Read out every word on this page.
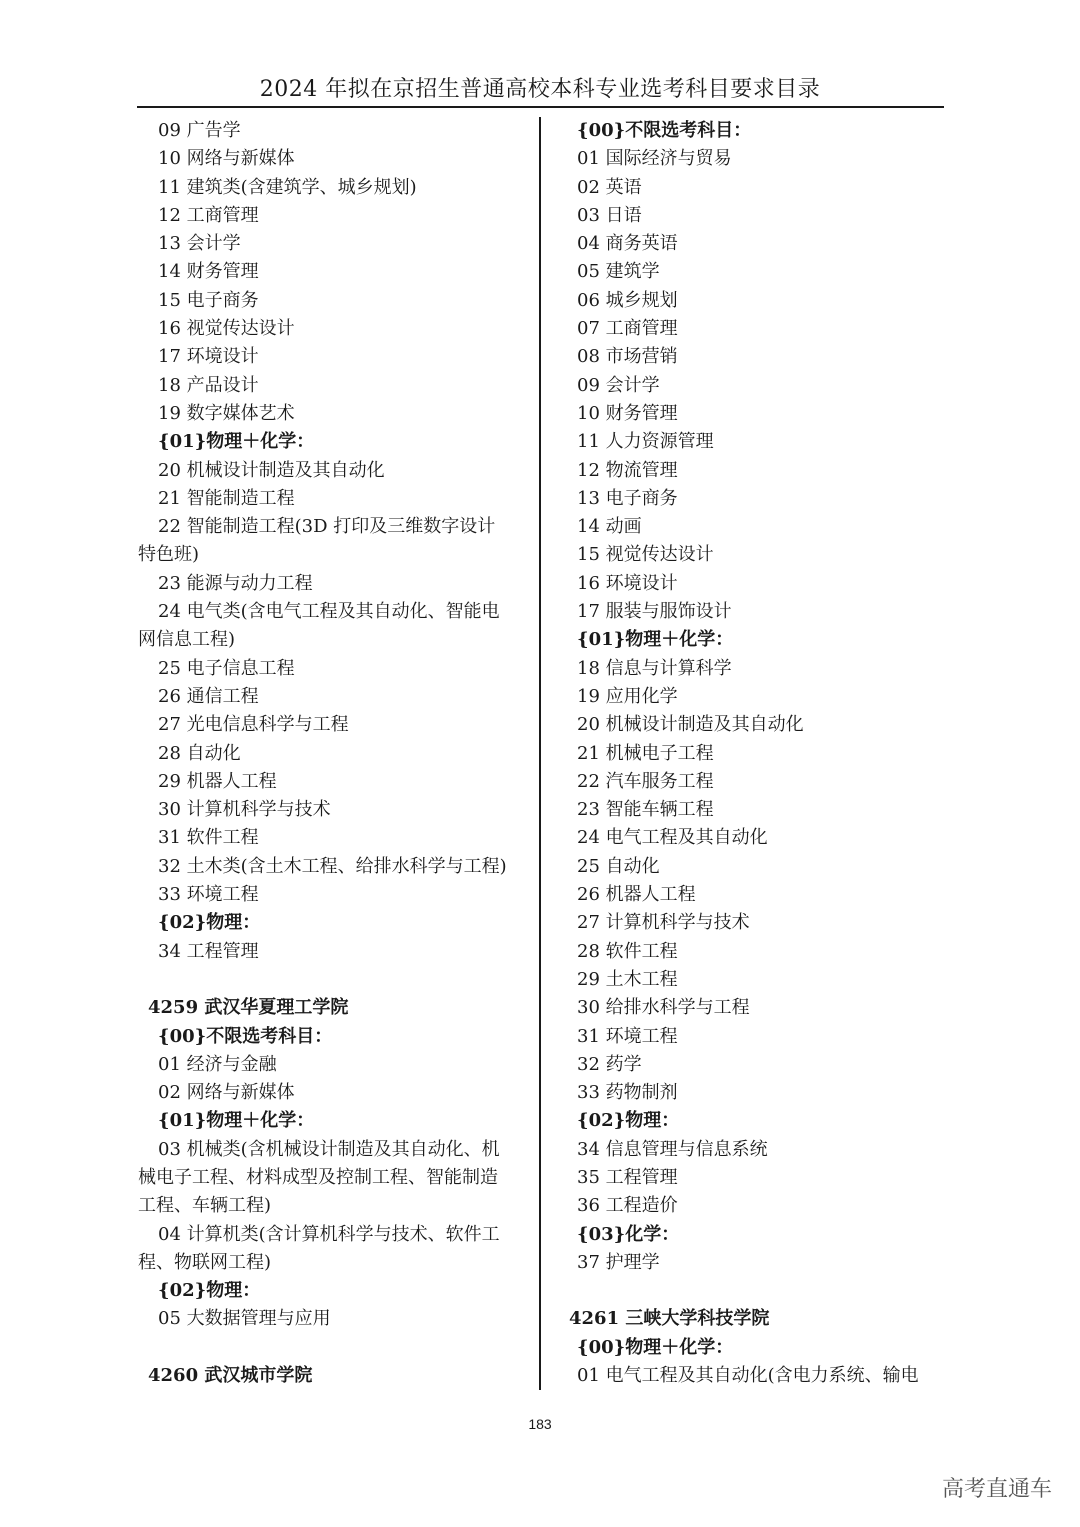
2024 年拟在京招生普通高校本科专业选考科目要求目录
09 广告学
10 网络与新媒体
11 建筑类(含建筑学、城乡规划)
12 工商管理
13 会计学
14 财务管理
15 电子商务
16 视觉传达设计
17 环境设计
18 产品设计
19 数字媒体艺术
{01}物理＋化学：
20 机械设计制造及其自动化
21 智能制造工程
22 智能制造工程(3D 打印及三维数字设计
特色班)
23 能源与动力工程
24 电气类(含电气工程及其自动化、智能电
网信息工程)
25 电子信息工程
26 通信工程
27 光电信息科学与工程
28 自动化
29 机器人工程
30 计算机科学与技术
31 软件工程
32 土木类(含土木工程、给排水科学与工程)
33 环境工程
{02}物理：
34 工程管理
4259 武汉华夏理工学院
{00}不限选考科目：
01 经济与金融
02 网络与新媒体
{01}物理＋化学：
03 机械类(含机械设计制造及其自动化、机
械电子工程、材料成型及控制工程、智能制造
工程、车辆工程)
04 计算机类(含计算机科学与技术、软件工
程、物联网工程)
{02}物理：
05 大数据管理与应用
4260 武汉城市学院
{00}不限选考科目：
01 国际经济与贸易
02 英语
03 日语
04 商务英语
05 建筑学
06 城乡规划
07 工商管理
08 市场营销
09 会计学
10 财务管理
11 人力资源管理
12 物流管理
13 电子商务
14 动画
15 视觉传达设计
16 环境设计
17 服装与服饰设计
{01}物理＋化学：
18 信息与计算科学
19 应用化学
20 机械设计制造及其自动化
21 机械电子工程
22 汽车服务工程
23 智能车辆工程
24 电气工程及其自动化
25 自动化
26 机器人工程
27 计算机科学与技术
28 软件工程
29 土木工程
30 给排水科学与工程
31 环境工程
32 药学
33 药物制剂
{02}物理：
34 信息管理与信息系统
35 工程管理
36 工程造价
{03}化学：
37 护理学
4261 三峡大学科技学院
{00}物理＋化学：
01 电气工程及其自动化(含电力系统、输电
183
高考直通车
